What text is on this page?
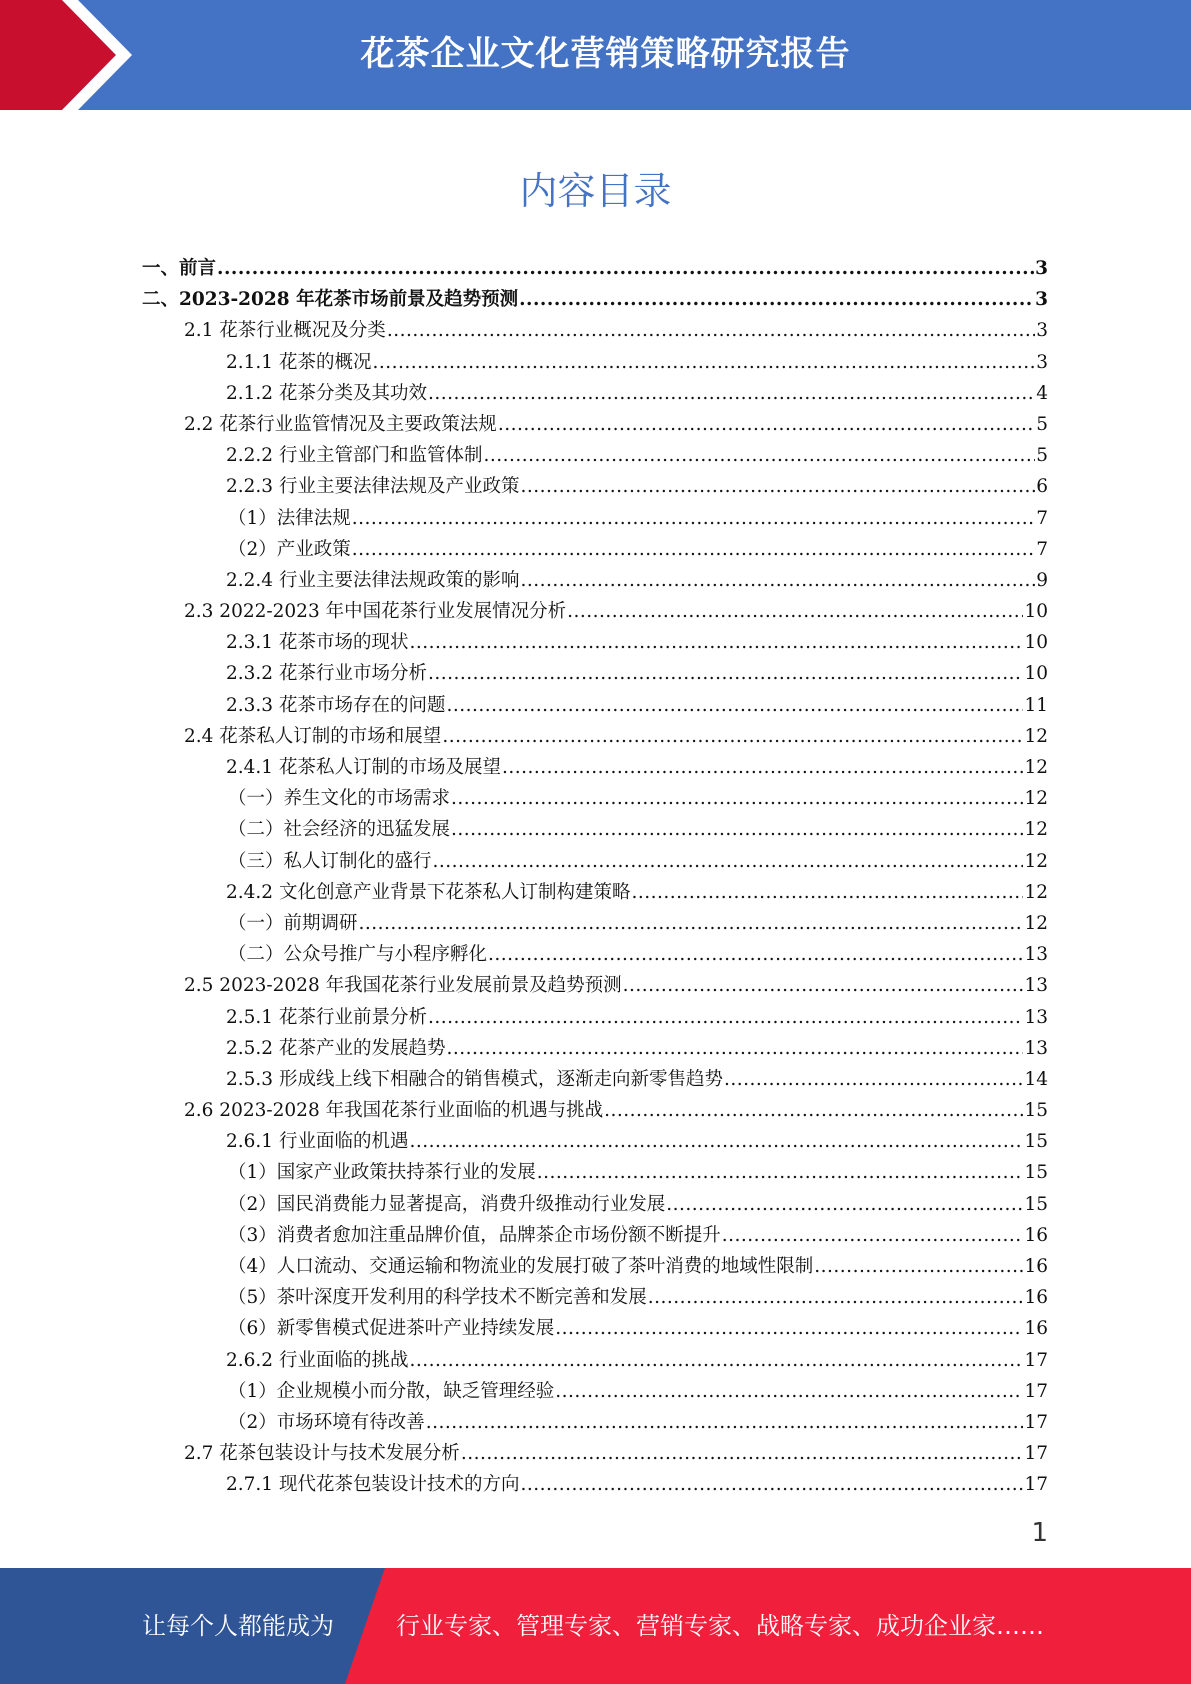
花茶企业文化营销策略研究报告
内容目录
一、前言 .....	3
二、2023-2028 年花茶市场前景及趋势预测 .....	3
2.1 花茶行业概况及分类 .....	3
2.1.1 花茶的概况 .....	3
2.1.2 花茶分类及其功效 .....	4
2.2 花茶行业监管情况及主要政策法规 .....	5
2.2.2 行业主管部门和监管体制 .....	5
2.2.3 行业主要法律法规及产业政策 .....	6
（1）法律法规 .....	7
（2）产业政策 .....	7
2.2.4 行业主要法律法规政策的影响 .....	9
2.3 2022-2023 年中国花茶行业发展情况分析 .....	10
2.3.1 花茶市场的现状 .....	10
2.3.2 花茶行业市场分析 .....	10
2.3.3 花茶市场存在的问题 .....	11
2.4 花茶私人订制的市场和展望 .....	12
2.4.1 花茶私人订制的市场及展望 .....	12
（一）养生文化的市场需求 .....	12
（二）社会经济的迅猛发展 .....	12
（三）私人订制化的盛行 .....	12
2.4.2 文化创意产业背景下花茶私人订制构建策略 .....	12
（一）前期调研 .....	12
（二）公众号推广与小程序孵化 .....	13
2.5 2023-2028 年我国花茶行业发展前景及趋势预测 .....	13
2.5.1 花茶行业前景分析 .....	13
2.5.2 花茶产业的发展趋势 .....	13
2.5.3 形成线上线下相融合的销售模式，逐渐走向新零售趋势 .....	14
2.6 2023-2028 年我国花茶行业面临的机遇与挑战 .....	15
2.6.1 行业面临的机遇 .....	15
（1）国家产业政策扶持茶行业的发展 .....	15
（2）国民消费能力显著提高，消费升级推动行业发展 .....	15
（3）消费者愈加注重品牌价值，品牌茶企市场份额不断提升 .....	16
（4）人口流动、交通运输和物流业的发展打破了茶叶消费的地域性限制 .....	16
（5）茶叶深度开发利用的科学技术不断完善和发展 .....	16
（6）新零售模式促进茶叶产业持续发展 .....	16
2.6.2 行业面临的挑战 .....	17
（1）企业规模小而分散，缺乏管理经验 .....	17
（2）市场环境有待改善 .....	17
2.7 花茶包装设计与技术发展分析 .....	17
2.7.1 现代花茶包装设计技术的方向 .....	17
1
让每个人都能成为	行业专家、管理专家、营销专家、战略专家、成功企业家……
